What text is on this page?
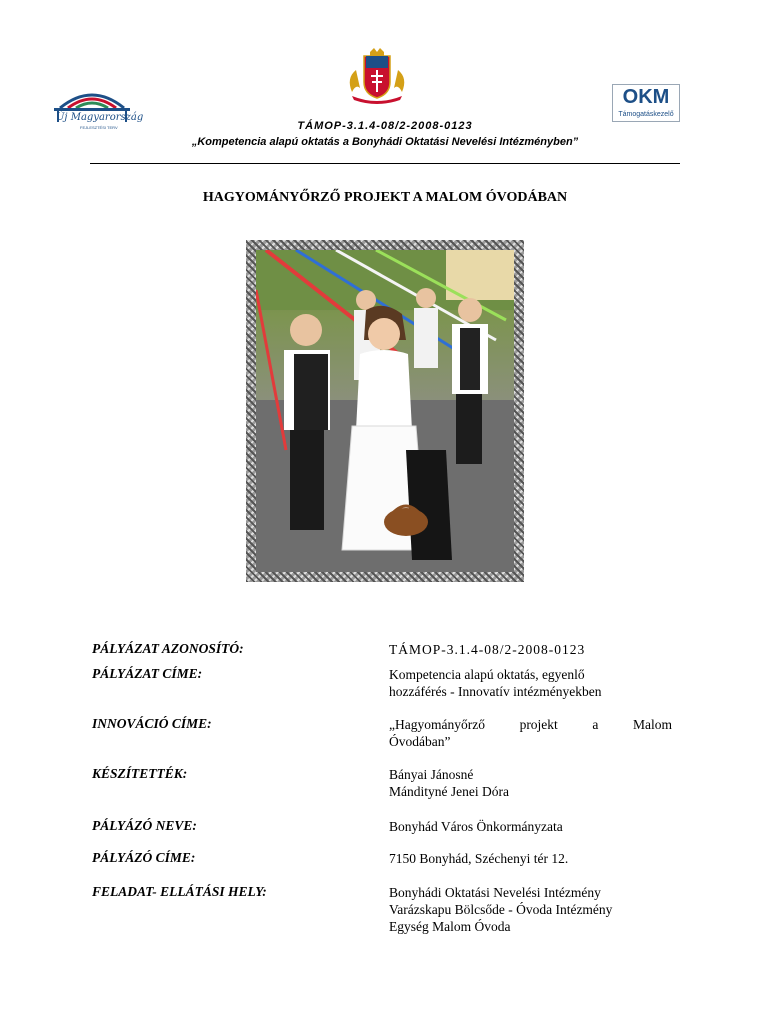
Új Magyarország
FEJLESZTÉSI TERV
OKM
Támogatáskezelő
TÁMOP-3.1.4-08/2-2008-0123
„Kompetencia alapú oktatás a Bonyhádi Oktatási Nevelési Intézményben”
HAGYOMÁNYŐRZŐ PROJEKT A MALOM ÓVODÁBAN
PÁLYÁZAT AZONOSÍTÓ:	TÁMOP-3.1.4-08/2-2008-0123
PÁLYÁZAT CÍME:	Kompetencia alapú oktatás, egyenlő
hozzáférés - Innovatív intézményekben
INNOVÁCIÓ CÍME:	„Hagyományőrző	projekt	a	Malom
Óvodában”
KÉSZÍTETTÉK:	Bányai Jánosné
Mándityné Jenei Dóra
PÁLYÁZÓ NEVE:	Bonyhád Város Önkormányzata
PÁLYÁZÓ CÍME:	7150 Bonyhád, Széchenyi tér 12.
FELADAT- ELLÁTÁSI HELY:	Bonyhádi Oktatási Nevelési Intézmény
Varázskapu Bölcsőde - Óvoda Intézmény
Egység Malom Óvoda
